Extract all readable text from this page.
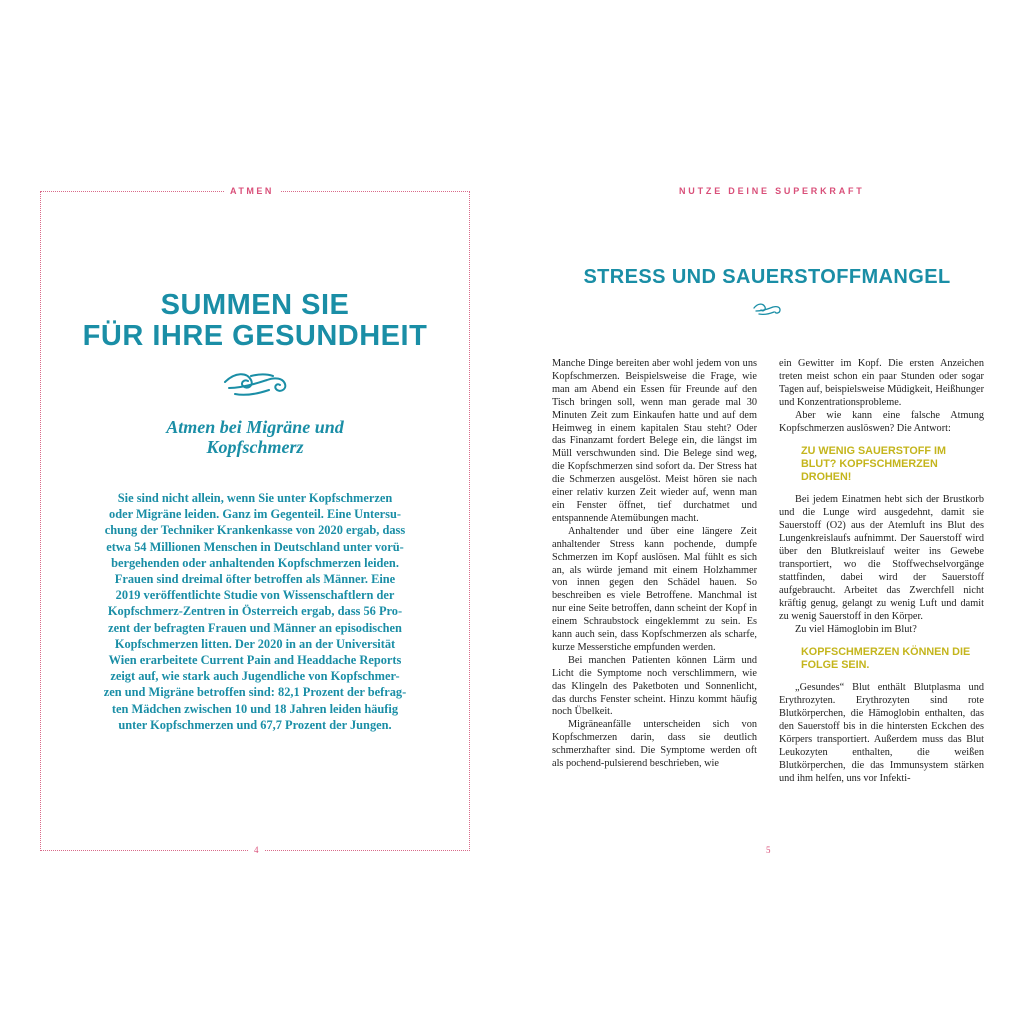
ATMEN
SUMMEN SIE
FÜR IHRE GESUNDHEIT
Atmen bei Migräne und
Kopfschmerz

Sie sind nicht allein, wenn Sie unter Kopfschmerzen
oder Migräne leiden. Ganz im Gegenteil. Eine Untersu-
chung der Techniker Krankenkasse von 2020 ergab, dass
etwa 54 Millionen Menschen in Deutschland unter vorü-
bergehenden oder anhaltenden Kopfschmerzen leiden.
Frauen sind dreimal öfter betroffen als Männer. Eine
2019 veröffentlichte Studie von Wissenschaftlern der
Kopfschmerz-Zentren in Österreich ergab, dass 56 Pro-
zent der befragten Frauen und Männer an episodischen
Kopfschmerzen litten. Der 2020 in an der Universität
Wien erarbeitete Current Pain and Headdache Reports
zeigt auf, wie stark auch Jugendliche von Kopfschmer-
zen und Migräne betroffen sind: 82,1 Prozent der befrag-
ten Mädchen zwischen 10 und 18 Jahren leiden häufig
unter Kopfschmerzen und 67,7 Prozent der Jungen.

4
NUTZE DEINE SUPERKRAFT
STRESS UND SAUERSTOFFMANGEL

Manche Dinge bereiten aber wohl jedem von uns Kopfschmerzen. Beispielsweise die Frage, wie man am Abend ein Essen für Freunde auf den Tisch bringen soll, wenn man gerade mal 30 Minuten Zeit zum Einkaufen hatte und auf dem Heimweg in einem kapitalen Stau steht? Oder das Finanzamt fordert Belege ein, die längst im Müll verschwunden sind. Die Belege sind weg, die Kopfschmerzen sind sofort da. Der Stress hat die Schmerzen ausgelöst. Meist hören sie nach einer relativ kurzen Zeit wieder auf, wenn man ein Fenster öffnet, tief durchatmet und entspannende Atemübungen macht.

Anhaltender und über eine längere Zeit anhaltender Stress kann pochende, dumpfe Schmerzen im Kopf auslösen. Mal fühlt es sich an, als würde jemand mit einem Holzhammer von innen gegen den Schädel hauen. So beschreiben es viele Betroffene. Manchmal ist nur eine Seite betroffen, dann scheint der Kopf in einem Schraubstock eingeklemmt zu sein. Es kann auch sein, dass Kopfschmerzen als scharfe, kurze Messerstiche empfunden werden.

Bei manchen Patienten können Lärm und Licht die Symptome noch verschlimmern, wie das Klingeln des Paketboten und Sonnenlicht, das durchs Fenster scheint. Hinzu kommt häufig noch Übelkeit.

Migräneanfälle unterscheiden sich von Kopfschmerzen darin, dass sie deutlich schmerzhafter sind. Die Symptome werden oft als pochend-pulsierend beschrieben, wie

ein Gewitter im Kopf. Die ersten Anzeichen treten meist schon ein paar Stunden oder sogar Tagen auf, beispielsweise Müdigkeit, Heißhunger und Konzentrationsprobleme.

Aber wie kann eine falsche Atmung Kopfschmerzen auslöswen? Die Antwort:

ZU WENIG SAUERSTOFF IM BLUT? KOPFSCHMERZEN DROHEN!

Bei jedem Einatmen hebt sich der Brustkorb und die Lunge wird ausgedehnt, damit sie Sauerstoff (O2) aus der Atemluft ins Blut des Lungenkreislaufs aufnimmt. Der Sauerstoff wird über den Blutkreislauf weiter ins Gewebe transportiert, wo die Stoffwechselvorgänge stattfinden, dabei wird der Sauerstoff aufgebraucht. Arbeitet das Zwerchfell nicht kräftig genug, gelangt zu wenig Luft und damit zu wenig Sauerstoff in den Körper.

Zu viel Hämoglobin im Blut?

KOPFSCHMERZEN KÖNNEN DIE FOLGE SEIN.

„Gesundes“ Blut enthält Blutplasma und Erythrozyten. Erythrozyten sind rote Blutkörperchen, die Hämoglobin enthalten, das den Sauerstoff bis in die hintersten Eckchen des Körpers transportiert. Außerdem muss das Blut Leukozyten enthalten, die weißen Blutkörperchen, die das Immunsystem stärken und ihm helfen, uns vor Infekti-

5
